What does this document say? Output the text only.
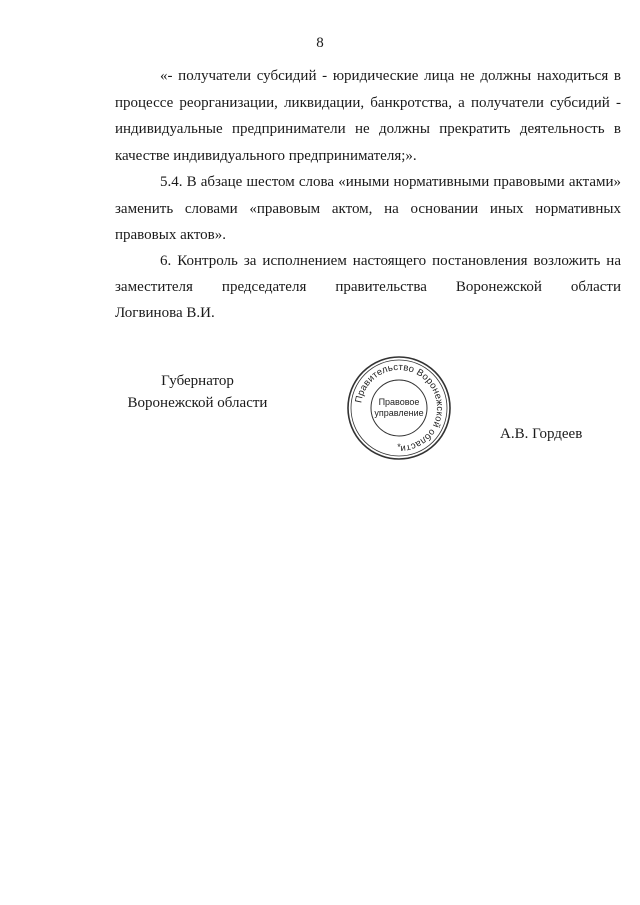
8

«- получатели субсидий - юридические лица не должны находиться в процессе реорганизации, ликвидации, банкротства, а получатели субсидий - индивидуальные предприниматели не должны прекратить деятельность в качестве индивидуального предпринимателя;».

5.4. В абзаце шестом слова «иными нормативными правовыми актами» заменить словами «правовым актом, на основании иных нормативных правовых актов».

6. Контроль за исполнением настоящего постановления возложить на

заместителя председателя правительства Воронежской области

Логвинова В.И.

Губернатор
Воронежской области	Правительство Воронежской области
Правовое
управление
*
А.В. Гордеев
